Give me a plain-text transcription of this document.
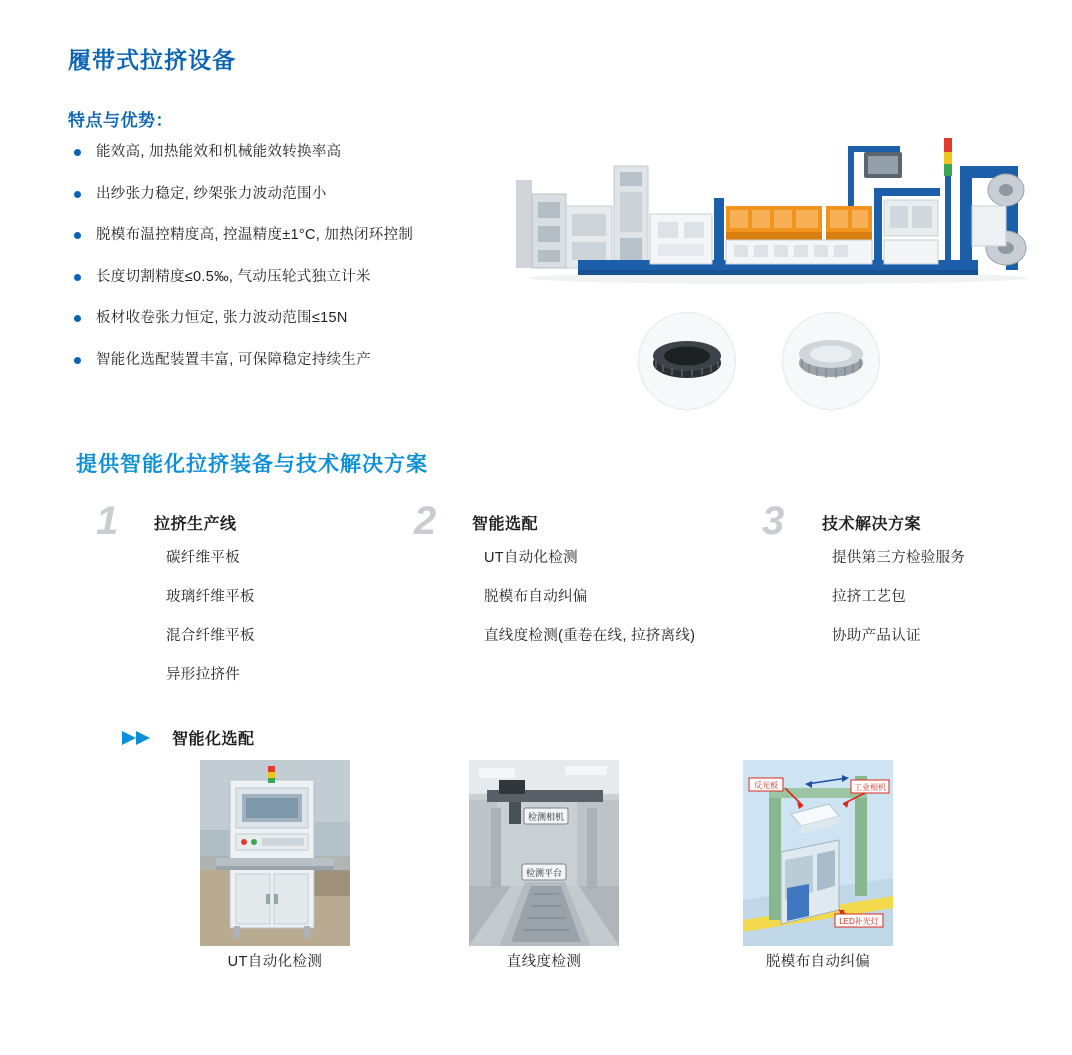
履带式拉挤设备
特点与优势：
能效高, 加热能效和机械能效转换率高
出纱张力稳定, 纱架张力波动范围小
脱模布温控精度高, 控温精度±1°C, 加热闭环控制
长度切割精度≤0.5‰, 气动压轮式独立计米
板材收卷张力恒定, 张力波动范围≤15N
智能化选配装置丰富, 可保障稳定持续生产
提供智能化拉挤装备与技术解决方案
1	拉挤生产线
碳纤维平板
玻璃纤维平板
混合纤维平板
异形拉挤件
2	智能选配
UT自动化检测
脱模布自动纠偏
直线度检测(重卷在线, 拉挤离线)
3	技术解决方案
提供第三方检验服务
拉挤工艺包
协助产品认证
智能化选配
检测相机
检测平台
反光板	工业相机
LED补光灯
UT自动化检测	直线度检测	脱模布自动纠偏
